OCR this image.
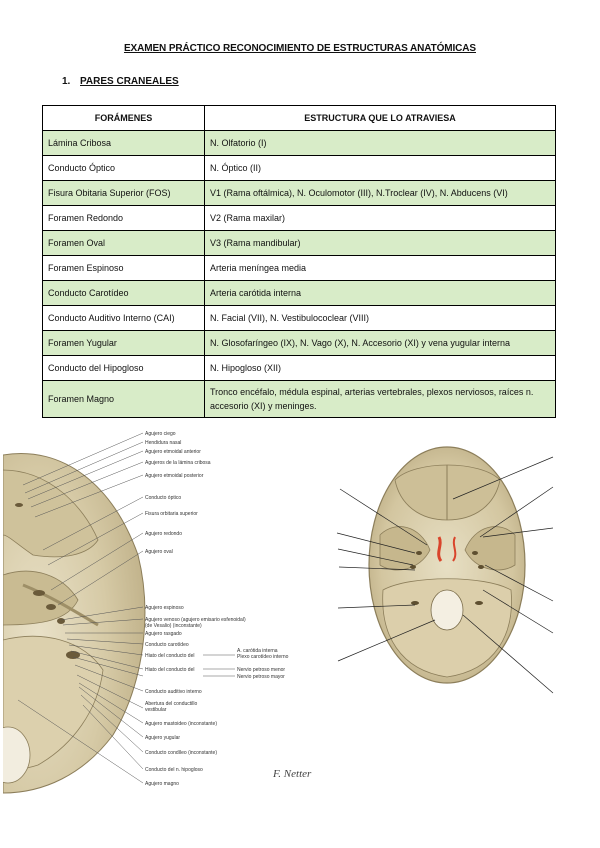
EXAMEN PRÁCTICO RECONOCIMIENTO DE ESTRUCTURAS ANATÓMICAS
1. PARES CRANEALES
FORÁMENES	ESTRUCTURA QUE LO ATRAVIESA
Lámina Cribosa	N. Olfatorio (I)
Conducto Óptico	N. Óptico (II)
Fisura Obitaria Superior (FOS)	V1 (Rama oftálmica), N. Oculomotor (III), N.Troclear (IV), N. Abducens (VI)
Foramen Redondo	V2 (Rama maxilar)
Foramen Oval	V3 (Rama mandibular)
Foramen Espinoso	Arteria meníngea media
Conducto Carotídeo	Arteria carótida interna
Conducto Auditivo Interno (CAI)	N. Facial (VII), N. Vestibulococlear (VIII)
Foramen Yugular	N. Glosofaríngeo (IX), N. Vago (X), N. Accesorio (XI) y vena yugular interna
Conducto del Hipogloso	N. Hipogloso (XII)
Foramen Magno	Tronco encéfalo, médula espinal, arterias vertebrales, plexos nerviosos, raíces n. accesorio (XI) y meninges.
Agujero ciego
Hendidura nasal
Agujero etmoidal anterior
Agujeros de la lámina cribosa
Agujero etmoidal posterior
Conducto óptico
Fisura orbitaria superior
Agujero redondo
Agujero oval
Agujero espinoso
Agujero venoso (agujero emisario esfenoidal)
(de Vesalio) (inconstante)
Agujero rasgado
Conducto carotídeo
Hiato del conducto del
Hiato del conducto del
Conducto auditivo interno
Abertura del conductillo
vestibular
Agujero mastoideo (inconstante)
Agujero yugular
Conducto condíleo (inconstante)
Conducto del n. hipogloso
Agujero magno
A. carótida interna
Plexo carotídeo interno
Nervio petroso menor
Nervio petroso mayor
F. Netter
